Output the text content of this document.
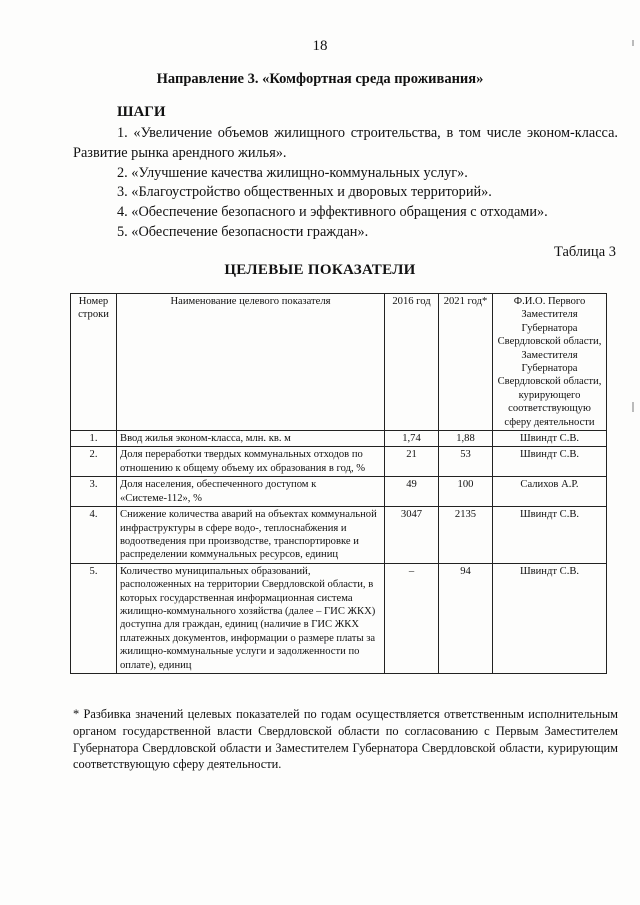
18
Направление 3. «Комфортная среда проживания»
ШАГИ
1. «Увеличение объемов жилищного строительства, в том числе эконом-класса. Развитие рынка арендного жилья».
2. «Улучшение качества жилищно-коммунальных услуг».
3. «Благоустройство общественных и дворовых территорий».
4. «Обеспечение безопасного и эффективного обращения с отходами».
5. «Обеспечение безопасности граждан».
Таблица 3
ЦЕЛЕВЫЕ ПОКАЗАТЕЛИ
Номер строки	Наименование целевого показателя	2016 год	2021 год*	Ф.И.О. Первого Заместителя Губернатора Свердловской области, Заместителя Губернатора Свердловской области, курирующего соответствующую сферу деятельности
1.	Ввод жилья эконом-класса, млн. кв. м	1,74	1,88	Швиндт С.В.
2.	Доля переработки твердых коммунальных отходов по отношению к общему объему их образования в год, %	21	53	Швиндт С.В.
3.	Доля населения, обеспеченного доступом к «Системе-112», %	49	100	Салихов А.Р.
4.	Снижение количества аварий на объектах коммунальной инфраструктуры в сфере водо-, теплоснабжения и водоотведения при производстве, транспортировке и распределении коммунальных ресурсов, единиц	3047	2135	Швиндт С.В.
5.	Количество муниципальных образований, расположенных на территории Свердловской области, в которых государственная информационная система жилищно-коммунального хозяйства (далее – ГИС ЖКХ) доступна для граждан, единиц (наличие в ГИС ЖКХ платежных документов, информации о размере платы за жилищно-коммунальные услуги и задолженности по оплате), единиц	–	94	Швиндт С.В.
* Разбивка значений целевых показателей по годам осуществляется ответственным исполнительным органом государственной власти Свердловской области по согласованию с Первым Заместителем Губернатора Свердловской области и Заместителем Губернатора Свердловской области, курирующим соответствующую сферу деятельности.
